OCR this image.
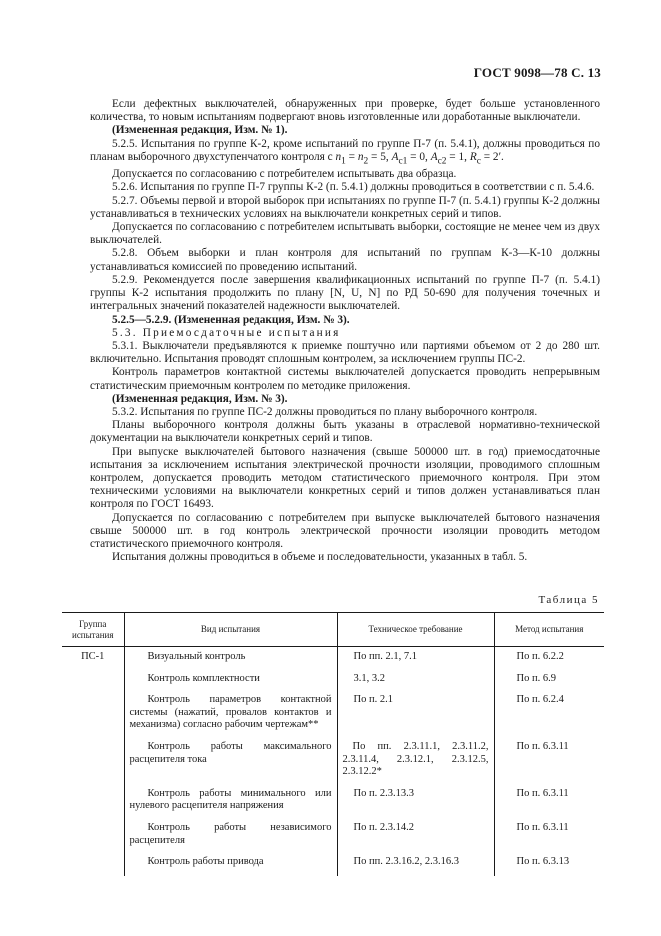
ГОСТ 9098—78 С. 13

Если дефектных выключателей, обнаруженных при проверке, будет больше установленного количества, то новым испытаниям подвергают вновь изготовленные или доработанные выключатели.

(Измененная редакция, Изм. № 1).

5.2.5. Испытания по группе К-2, кроме испытаний по группе П-7 (п. 5.4.1), должны проводиться по планам выборочного двухступенчатого контроля с $n_1 = n_2 = 5$, $A_{c1} = 0$, $A_{c2} = 1$, $R_c = 2'$.

Допускается по согласованию с потребителем испытывать два образца.

5.2.6. Испытания по группе П-7 группы К-2 (п. 5.4.1) должны проводиться в соответствии с п. 5.4.6.

5.2.7. Объемы первой и второй выборок при испытаниях по группе П-7 (п. 5.4.1) группы К-2 должны устанавливаться в технических условиях на выключатели конкретных серий и типов.

Допускается по согласованию с потребителем испытывать выборки, состоящие не менее чем из двух выключателей.

5.2.8. Объем выборки и план контроля для испытаний по группам К-3—К-10 должны устанавливаться комиссией по проведению испытаний.

5.2.9. Рекомендуется после завершения квалификационных испытаний по группе П-7 (п. 5.4.1) группы К-2 испытания продолжить по плану [N, U, N] по РД 50-690 для получения точечных и интегральных значений показателей надежности выключателей.

5.2.5—5.2.9. (Измененная редакция, Изм. № 3).

5.3. Приемосдаточные испытания

5.3.1. Выключатели предъявляются к приемке поштучно или партиями объемом от 2 до 280 шт. включительно. Испытания проводят сплошным контролем, за исключением группы ПС-2.

Контроль параметров контактной системы выключателей допускается проводить непрерывным статистическим приемочным контролем по методике приложения.

(Измененная редакция, Изм. № 3).

5.3.2. Испытания по группе ПС-2 должны проводиться по плану выборочного контроля.

Планы выборочного контроля должны быть указаны в отраслевой нормативно-технической документации на выключатели конкретных серий и типов.

При выпуске выключателей бытового назначения (свыше 500000 шт. в год) приемосдаточные испытания за исключением испытания электрической прочности изоляции, проводимого сплошным контролем, допускается проводить методом статистического приемочного контроля. При этом техническими условиями на выключатели конкретных серий и типов должен устанавливаться план контроля по ГОСТ 16493.

Допускается по согласованию с потребителем при выпуске выключателей бытового назначения свыше 500000 шт. в год контроль электрической прочности изоляции проводить методом статистического приемочного контроля.

Испытания должны проводиться в объеме и последовательности, указанных в табл. 5.

Таблица 5
Группа испытания	Вид испытания	Техническое требование	Метод испытания
ПС-1	Визуальный контроль	По пп. 2.1, 7.1	По п. 6.2.2
	Контроль комплектности	3.1, 3.2	По п. 6.9
	Контроль параметров контактной системы (нажатий, провалов контактов и механизма) согласно рабочим чертежам**	По п. 2.1	По п. 6.2.4
	Контроль работы максимального расцепителя тока	По пп. 2.3.11.1, 2.3.11.2, 2.3.11.4, 2.3.12.1, 2.3.12.5, 2.3.12.2*	По п. 6.3.11
	Контроль работы минимального или нулевого расцепителя напряжения	По п. 2.3.13.3	По п. 6.3.11
	Контроль работы независимого расцепителя	По п. 2.3.14.2	По п. 6.3.11
	Контроль работы привода	По пп. 2.3.16.2, 2.3.16.3	По п. 6.3.13
